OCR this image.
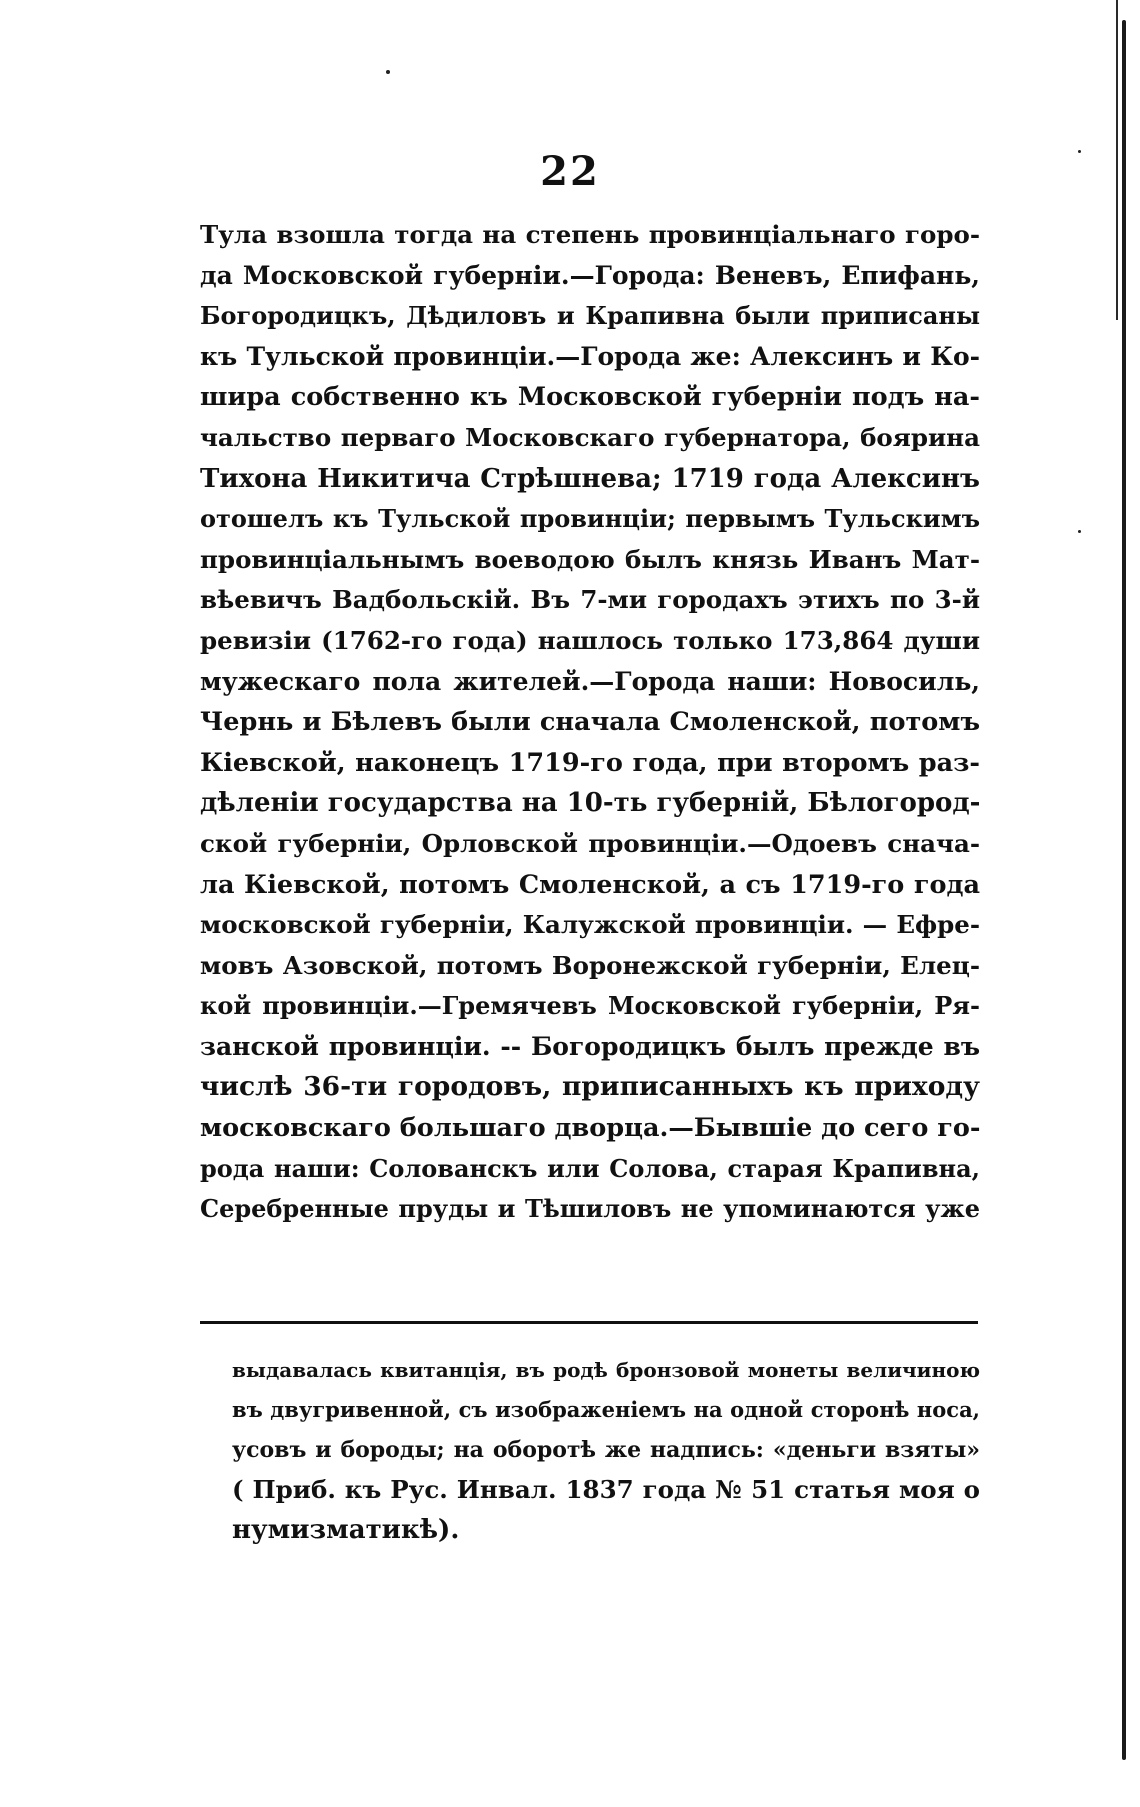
22
Тула взошла тогда на степень провинціальнаго горо-
да Московской губерніи.—Города: Веневъ, Епифань,
Богородицкъ, Дѣдиловъ и Крапивна были приписаны
къ Тульской провинціи.—Города же: Алексинъ и Ко-
шира собственно къ Московской губерніи подъ на-
чальство перваго Московскаго губернатора, боярина
Тихона Никитича Стрѣшнева; 1719 года Алексинъ
отошелъ къ Тульской провинціи; первымъ Тульскимъ
провинціальнымъ воеводою былъ князь Иванъ Мат-
вѣевичъ Вадбольскій. Въ 7-ми городахъ этихъ по 3-й
ревизіи (1762-го года) нашлось только 173,864 души
мужескаго пола жителей.—Города наши: Новосиль,
Чернь и Бѣлевъ были сначала Смоленской, потомъ
Кіевской, наконецъ 1719-го года, при второмъ раз-
дѣленіи государства на 10-ть губерній, Бѣлогород-
ской губерніи, Орловской провинціи.—Одоевъ снача-
ла Кіевской, потомъ Смоленской, а съ 1719-го года
московской губерніи, Калужской провинціи. — Ефре-
мовъ Азовской, потомъ Воронежской губерніи, Елец-
кой провинціи.—Гремячевъ Московской губерніи, Ря-
занской провинціи. -- Богородицкъ былъ прежде въ
числѣ 36-ти городовъ, приписанныхъ къ приходу
московскаго большаго дворца.—Бывшіе до сего го-
рода наши: Солованскъ или Солова, старая Крапивна,
Серебренные пруды и Тѣшиловъ не упоминаются уже
выдавалась квитанція, въ родѣ бронзовой монеты величиною
въ двугривенной, съ изображеніемъ на одной сторонѣ носа,
усовъ и бороды; на оборотѣ же надпись: «деньги взяты»
( Приб. къ Рус. Инвал. 1837 года № 51 статья моя о
нумизматикѣ).
